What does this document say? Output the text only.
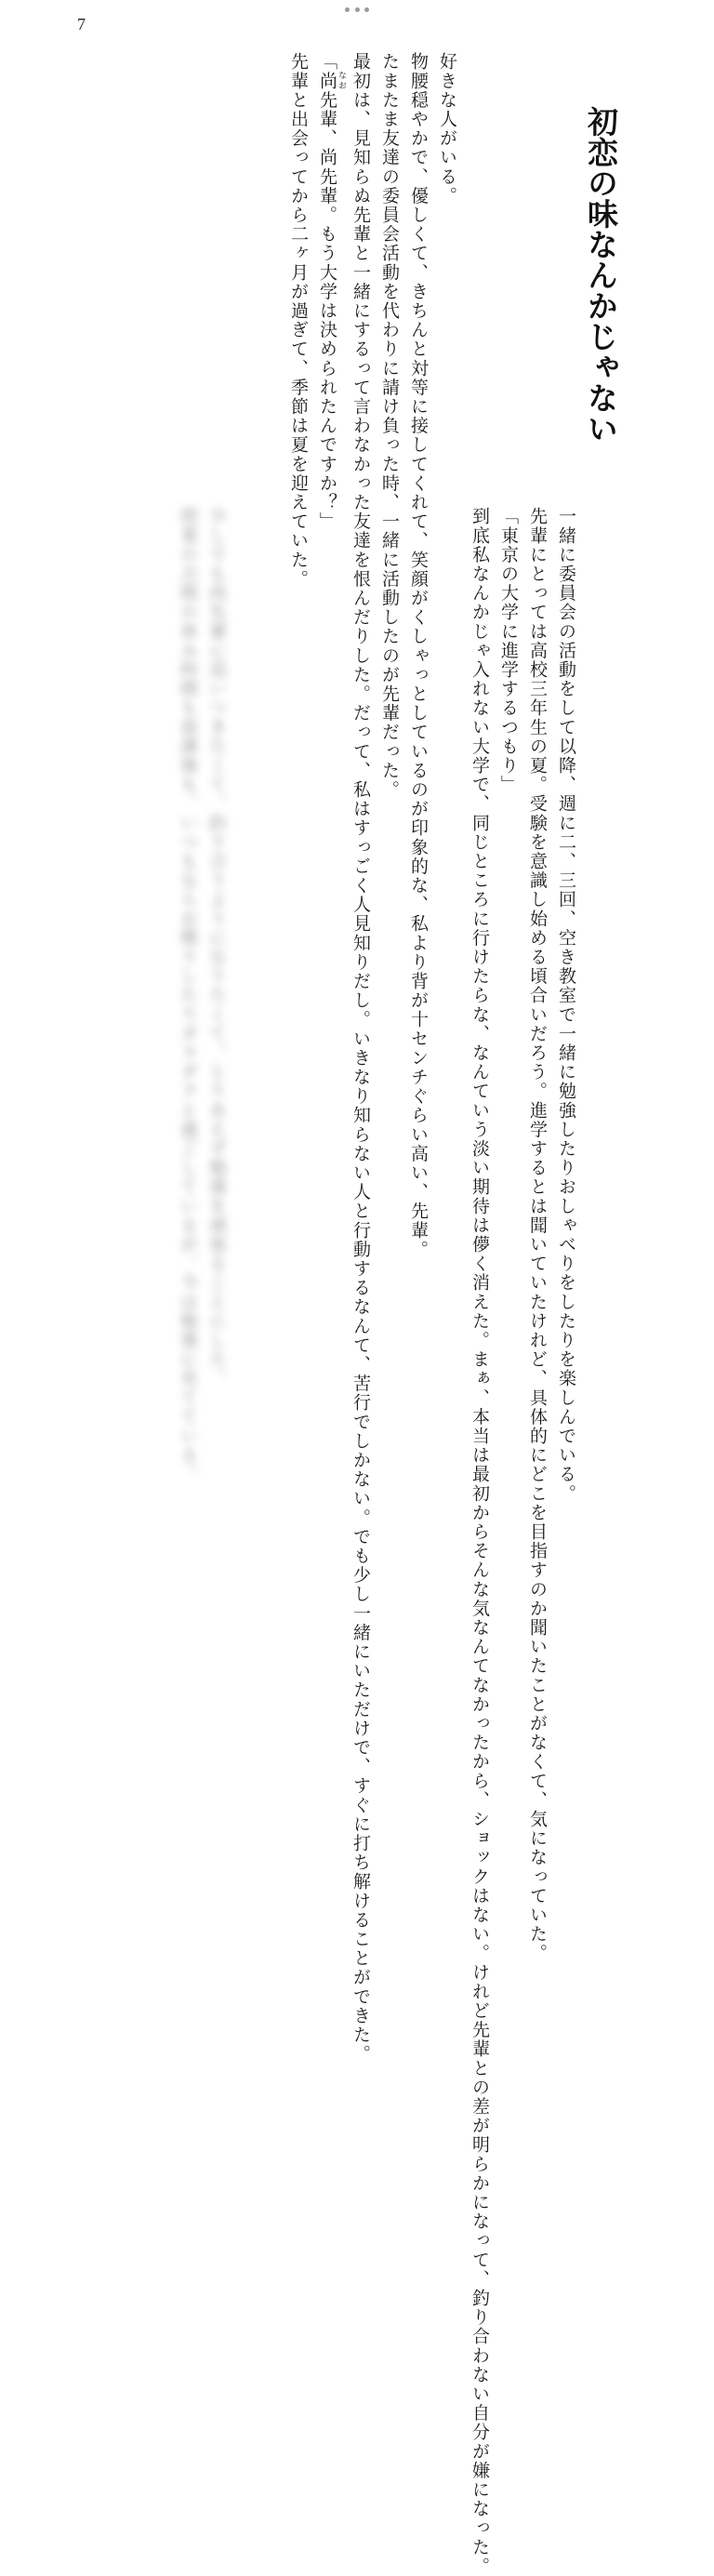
7
初恋の味なんかじゃない

好きな人がいる。

物腰穏やかで、優しくて、きちんと対等に接してくれて、笑顔がくしゃっとしているのが印象的な、私より背が十センチぐらい高い、先輩。

たまたま友達の委員会活動を代わりに請け負った時、一緒に活動したのが先輩だった。

最初は、見知らぬ先輩と一緒にするって言わなかった友達を恨んだりした。だって、私はすっごく人見知りだし。いきなり知らない人と行動するなんて、苦行でしかない。でも少し一緒にいただけで、すぐに打ち解けることができた。

「尚 なお先輩、尚先輩。もう大学は決められたんですか？」

先輩と出会ってから二ヶ月が過ぎて、季節は夏を迎えていた。

一緒に委員会の活動をして以降、週に二、三回、空き教室で一緒に勉強したりおしゃべりをしたりを楽しんでいる。

先輩にとっては高校三年生の夏。受験を意識し始める頃合いだろう。進学するとは聞いていたけれど、具体的にどこを目指すのか聞いたことがなくて、気になっていた。

「東京の大学に進学するつもり」

到底私なんかじゃ入れない大学で、同じところに行けたらな、なんていう淡い期待は儚く消えた。まぁ、本当は最初からそんな気なんてなかったから、ショックはない。けれど先輩との差が明らかになって、釣り合わない自分が嫌になった。

少しでも尚先輩に追いつきたくて、釣り合うようになりたくて、とりあえず勉強を頑張ることにした。

授業の合間の休み時間も放課後も、いつもならお喋りしたりダラダラと過ごしているが、今は勉強に充てている。
